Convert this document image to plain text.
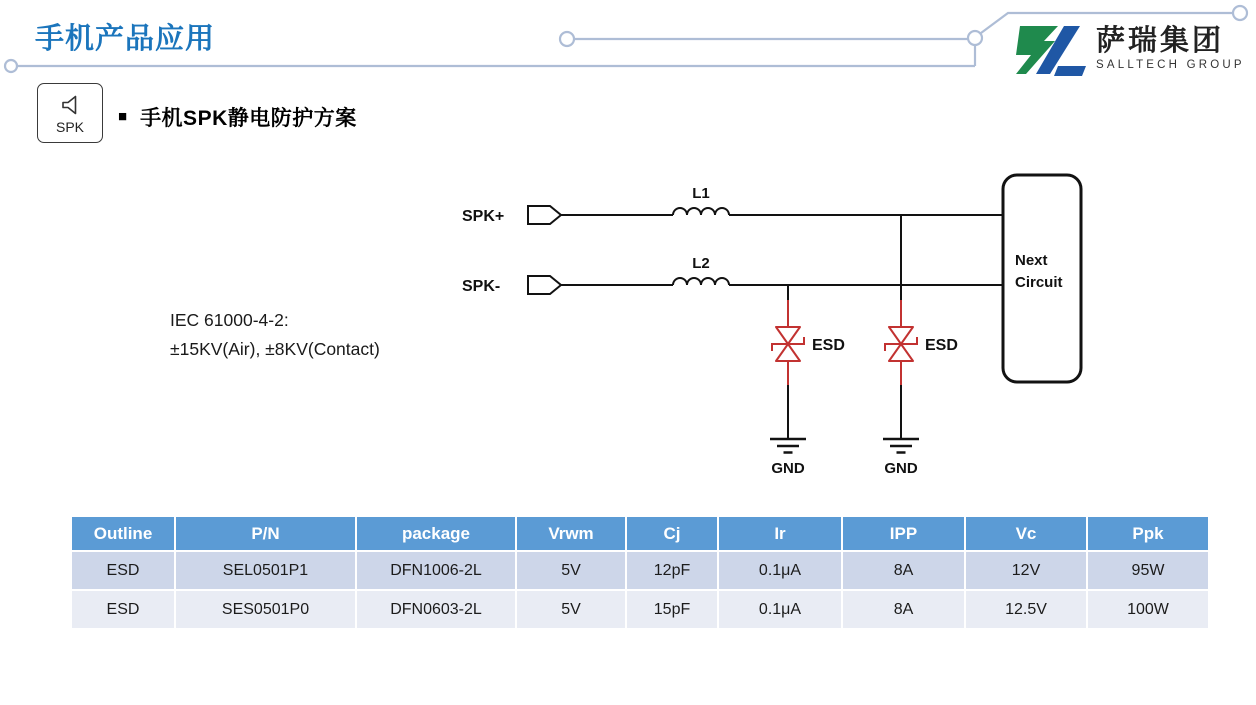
手机产品应用	萨瑞集团
SALLTECH GROUP
SPK
■ 手机SPK静电防护方案
IEC 61000-4-2:
±15KV(Air), ±8KV(Contact)
SPK+
L1
SPK-
L2
GND
ESD
GND
ESD
Next
Circuit
Outline	P/N	package	Vrwm	Cj	Ir	IPP	Vc	Ppk
ESD	SEL0501P1	DFN1006-2L	5V	12pF	0.1μA	8A	12V	95W
ESD	SES0501P0	DFN0603-2L	5V	15pF	0.1μA	8A	12.5V	100W
